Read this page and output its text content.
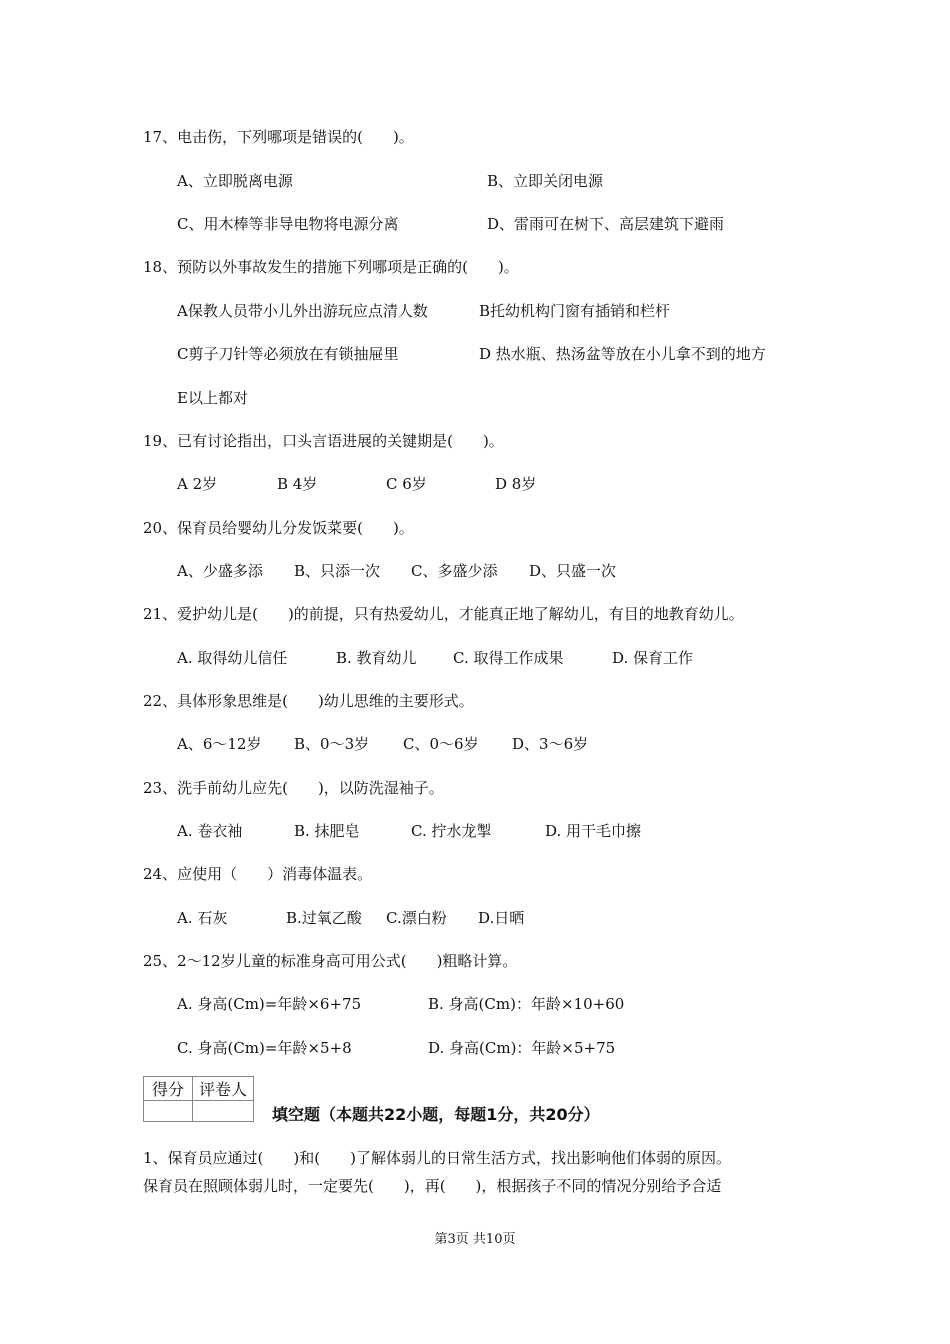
17、电击伤，下列哪项是错误的(　　)。
A、立即脱离电源	B、立即关闭电源
C、用木棒等非导电物将电源分离	D、雷雨可在树下、高层建筑下避雨
18、预防以外事故发生的措施下列哪项是正确的(　　)。
A保教人员带小儿外出游玩应点清人数	B托幼机构门窗有插销和栏杆
C剪子刀针等必须放在有锁抽屉里	D 热水瓶、热汤盆等放在小儿拿不到的地方
E以上都对
19、已有讨论指出，口头言语进展的关键期是(　　)。
A 2岁	B 4岁	C 6岁	D 8岁
20、保育员给婴幼儿分发饭菜要(　　)。
A、少盛多添 B、只添一次 C、多盛少添 D、只盛一次
21、爱护幼儿是(　　)的前提，只有热爱幼儿，才能真正地了解幼儿，有目的地教育幼儿。
A. 取得幼儿信任	B. 教育幼儿 C. 取得工作成果	D. 保育工作
22、具体形象思维是(　　)幼儿思维的主要形式。
A、6～12岁 B、0～3岁 C、0～6岁 D、3～6岁
23、洗手前幼儿应先(　　)，以防洗湿袖子。
A. 卷衣袖	B. 抹肥皂	C. 拧水龙掣	D. 用干毛巾擦
24、应使用（　　）消毒体温表。
A. 石灰	B.过氧乙酸 C.漂白粉 D.日晒
25、2～12岁儿童的标准身高可用公式(　　)粗略计算。
A. 身高(Cm)=年龄×6+75	B. 身高(Cm)：年龄×10+60
C. 身高(Cm)=年龄×5+8	D. 身高(Cm)：年龄×5+75
得分	评卷人

填空题（本题共22小题，每题1分，共20分）
1、保育员应通过(　　)和(　　)了解体弱儿的日常生活方式，找出影响他们体弱的原因。
保育员在照顾体弱儿时，一定要先(　　)，再(　　)，根据孩子不同的情况分别给予合适
第3页 共10页
